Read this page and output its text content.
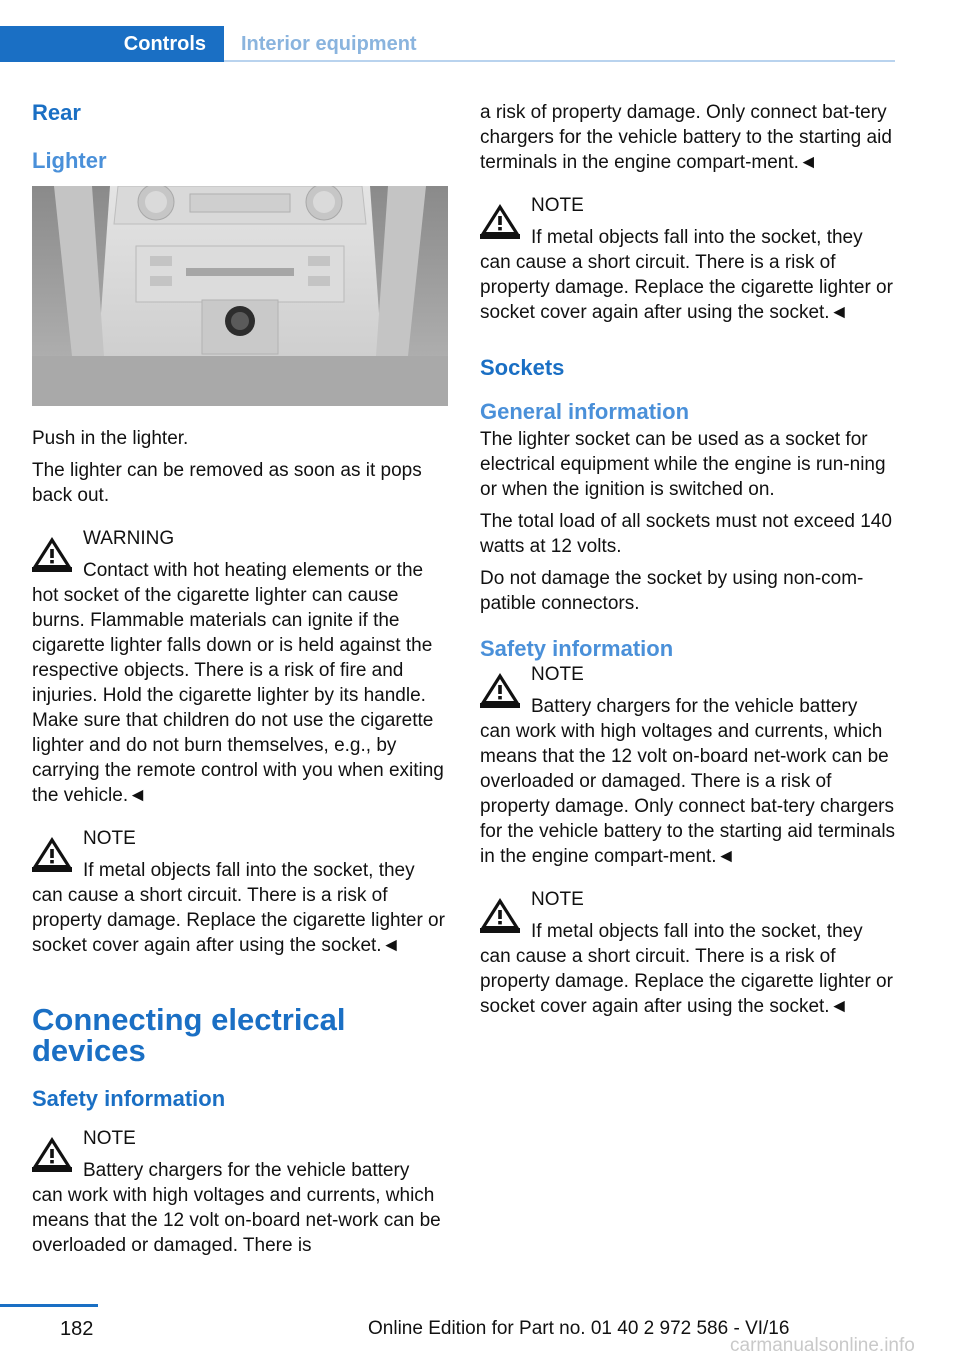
Controls	Interior equipment
Rear
Lighter

Push in the lighter.

The lighter can be removed as soon as it pops back out.

WARNING
Contact with hot heating elements or the
hot socket of the cigarette lighter can cause burns. Flammable materials can ignite if the cigarette lighter falls down or is held against the respective objects. There is a risk of fire and injuries. Hold the cigarette lighter by its handle. Make sure that children do not use the cigarette lighter and do not burn themselves, e.g., by carrying the remote control with you when exiting the vehicle.◄
NOTE
If metal objects fall into the socket, they
can cause a short circuit. There is a risk of property damage. Replace the cigarette lighter or socket cover again after using the socket.◄
Connecting electrical devices
Safety information
NOTE
Battery chargers for the vehicle battery
can work with high voltages and currents, which means that the 12 volt on-board net‐work can be overloaded or damaged. There is

a risk of property damage. Only connect bat‐tery chargers for the vehicle battery to the starting aid terminals in the engine compart‐ment.◄

NOTE
If metal objects fall into the socket, they
can cause a short circuit. There is a risk of property damage. Replace the cigarette lighter or socket cover again after using the socket.◄
Sockets
General information

The lighter socket can be used as a socket for electrical equipment while the engine is run‐ning or when the ignition is switched on.

The total load of all sockets must not exceed 140 watts at 12 volts.

Do not damage the socket by using non-com‐patible connectors.

Safety information
NOTE
Battery chargers for the vehicle battery
can work with high voltages and currents, which means that the 12 volt on-board net‐work can be overloaded or damaged. There is a risk of property damage. Only connect bat‐tery chargers for the vehicle battery to the starting aid terminals in the engine compart‐ment.◄
NOTE
If metal objects fall into the socket, they
can cause a short circuit. There is a risk of property damage. Replace the cigarette lighter or socket cover again after using the socket.◄
182	Online Edition for Part no. 01 40 2 972 586 - VI/16
carmanualsonline.info
